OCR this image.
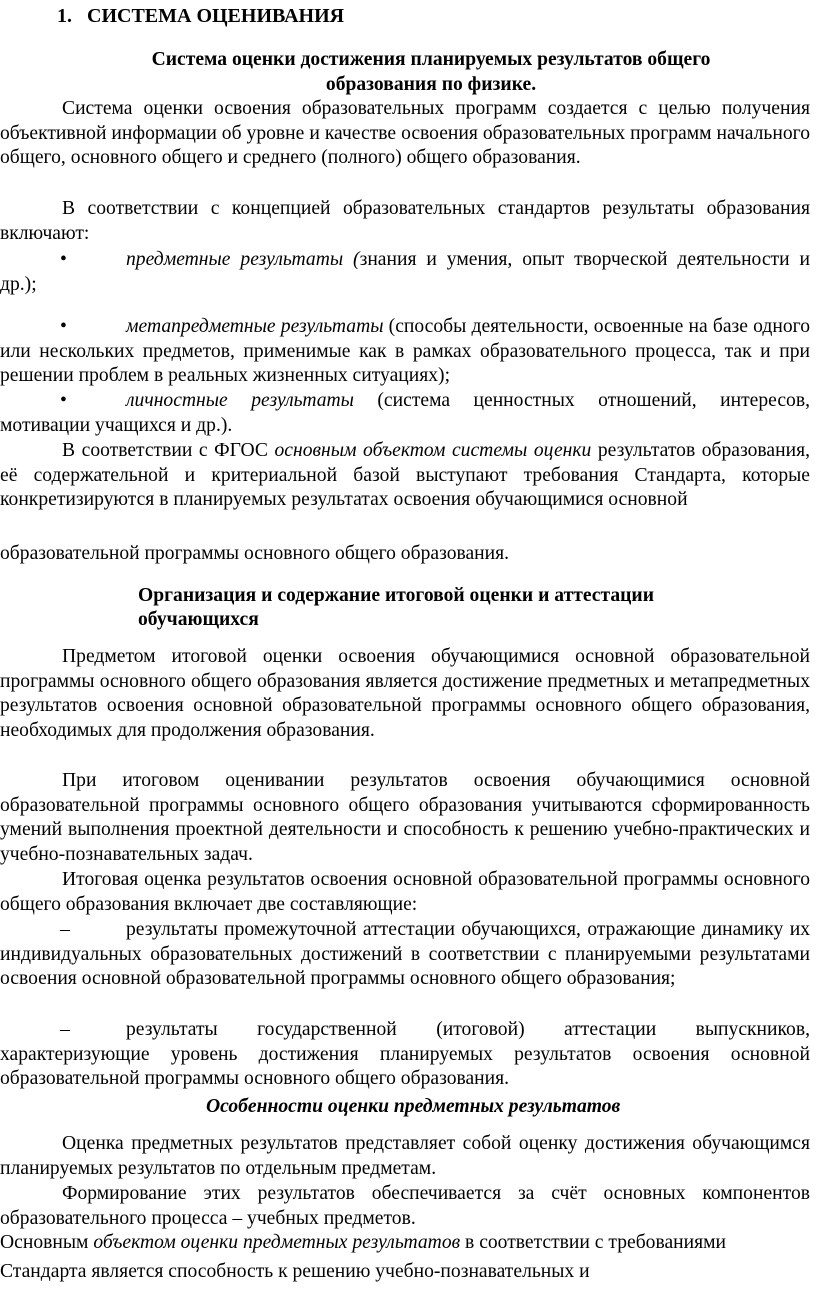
1. СИСТЕМА ОЦЕНИВАНИЯ
Система оценки достижения планируемых результатов общего
образования по физике.
Система оценки освоения образовательных программ создается с целью получения объективной информации об уровне и качестве освоения образовательных программ начального общего, основного общего и среднего (полного) общего образования.
В соответствии с концепцией образовательных стандартов результаты образования включают:
•	предметные результаты (знания и умения, опыт творческой деятельности и др.);
•	метапредметные результаты (способы деятельности, освоенные на базе одного или нескольких предметов, применимые как в рамках образовательного процесса, так и при решении проблем в реальных жизненных ситуациях);
•	личностные результаты (система ценностных отношений, интересов, мотивации учащихся и др.).
В соответствии с ФГОС основным объектом системы оценки результатов образования, её содержательной и критериальной базой выступают требования Стандарта, которые конкретизируются в планируемых результатах освоения обучающимися основной
образовательной программы основного общего образования.
Организация и содержание итоговой оценки и аттестации
обучающихся
Предметом итоговой оценки освоения обучающимися основной образовательной программы основного общего образования является достижение предметных и метапредметных результатов освоения основной образовательной программы основного общего образования, необходимых для продолжения образования.
При итоговом оценивании результатов освоения обучающимися основной образовательной программы основного общего образования учитываются сформированность умений выполнения проектной деятельности и способность к решению учебно-практических и учебно-познавательных задач.
Итоговая оценка результатов освоения основной образовательной программы основного общего образования включает две составляющие:
–	результаты промежуточной аттестации обучающихся, отражающие динамику их индивидуальных образовательных достижений в соответствии с планируемыми результатами освоения основной образовательной программы основного общего образования;
–	результаты государственной (итоговой) аттестации выпускников, характеризующие уровень достижения планируемых результатов освоения основной образовательной программы основного общего образования.
Особенности оценки предметных результатов
Оценка предметных результатов представляет собой оценку достижения обучающимся планируемых результатов по отдельным предметам.
Формирование этих результатов обеспечивается за счёт основных компонентов образовательного процесса – учебных предметов.
Основным объектом оценки предметных результатов в соответствии с требованиями
Стандарта является способность к решению учебно-познавательных и
